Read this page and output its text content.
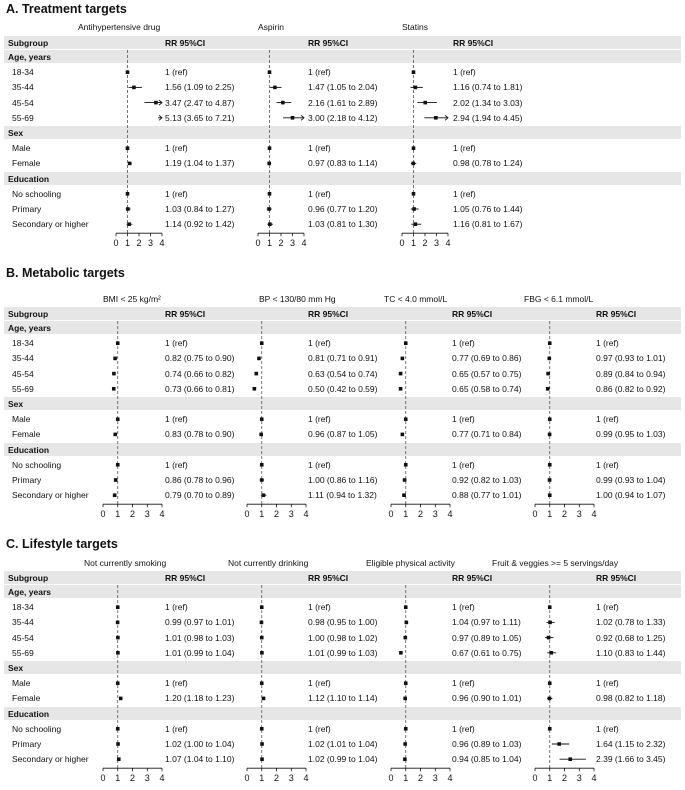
A. Treatment targets
Antihypertensive drug	Aspirin	Statins
Subgroup	RR 95%CI	RR 95%CI	RR 95%CI
Age, years
18-34	1 (ref)	1 (ref)	1 (ref)
35-44	1.56 (1.09 to 2.25)	1.47 (1.05 to 2.04)	1.16 (0.74 to 1.81)
45-54	3.47 (2.47 to 4.87)	2.16 (1.61 to 2.89)	2.02 (1.34 to 3.03)
55-69	5.13 (3.65 to 7.21)	3.00 (2.18 to 4.12)	2.94 (1.94 to 4.45)
Sex
Male	1 (ref)	1 (ref)	1 (ref)
Female	1.19 (1.04 to 1.37)	0.97 (0.83 to 1.14)	0.98 (0.78 to 1.24)
Education
No schooling	1 (ref)	1 (ref)	1 (ref)
Primary	1.03 (0.84 to 1.27)	0.96 (0.77 to 1.20)	1.05 (0.76 to 1.44)
Secondary or higher	1.14 (0.92 to 1.42)	1.03 (0.81 to 1.30)	1.16 (0.81 to 1.67)
0 1 2 3 4	0 1 2 3 4	0 1 2 3 4
B. Metabolic targets
BMI < 25 kg/m²	BP < 130/80 mm Hg	TC < 4.0 mmol/L	FBG < 6.1 mmol/L
Subgroup	RR 95%CI	RR 95%CI	RR 95%CI	RR 95%CI
Age, years
18-34	1 (ref)	1 (ref)	1 (ref)	1 (ref)
35-44	0.82 (0.75 to 0.90)	0.81 (0.71 to 0.91)	0.77 (0.69 to 0.86)	0.97 (0.93 to 1.01)
45-54	0.74 (0.66 to 0.82)	0.63 (0.54 to 0.74)	0.65 (0.57 to 0.75)	0.89 (0.84 to 0.94)
55-69	0.73 (0.66 to 0.81)	0.50 (0.42 to 0.59)	0.65 (0.58 to 0.74)	0.86 (0.82 to 0.92)
Sex
Male	1 (ref)	1 (ref)	1 (ref)	1 (ref)
Female	0.83 (0.78 to 0.90)	0.96 (0.87 to 1.05)	0.77 (0.71 to 0.84)	0.99 (0.95 to 1.03)
Education
No schooling	1 (ref)	1 (ref)	1 (ref)	1 (ref)
Primary	0.86 (0.78 to 0.96)	1.00 (0.86 to 1.16)	0.92 (0.82 to 1.03)	0.99 (0.93 to 1.04)
Secondary or higher	0.79 (0.70 to 0.89)	1.11 (0.94 to 1.32)	0.88 (0.77 to 1.01)	1.00 (0.94 to 1.07)
0 1 2 3 4	0 1 2 3 4	0 1 2 3 4	0 1 2 3 4
C. Lifestyle targets
Not currently smoking	Not currently drinking	Eligible physical activity	Fruit & veggies >= 5 servings/day
Subgroup	RR 95%CI	RR 95%CI	RR 95%CI	RR 95%CI
Age, years
18-34	1 (ref)	1 (ref)	1 (ref)	1 (ref)
35-44	0.99 (0.97 to 1.01)	0.98 (0.95 to 1.00)	1.04 (0.97 to 1.11)	1.02 (0.78 to 1.33)
45-54	1.01 (0.98 to 1.03)	1.00 (0.98 to 1.02)	0.97 (0.89 to 1.05)	0.92 (0.68 to 1.25)
55-69	1.01 (0.99 to 1.04)	1.01 (0.99 to 1.03)	0.67 (0.61 to 0.75)	1.10 (0.83 to 1.44)
Sex
Male	1 (ref)	1 (ref)	1 (ref)	1 (ref)
Female	1.20 (1.18 to 1.23)	1.12 (1.10 to 1.14)	0.96 (0.90 to 1.01)	0.98 (0.82 to 1.18)
Education
No schooling	1 (ref)	1 (ref)	1 (ref)	1 (ref)
Primary	1.02 (1.00 to 1.04)	1.02 (1.01 to 1.04)	0.96 (0.89 to 1.03)	1.64 (1.15 to 2.32)
Secondary or higher	1.07 (1.04 to 1.10)	1.02 (0.99 to 1.04)	0.94 (0.85 to 1.04)	2.39 (1.66 to 3.45)
0 1 2 3 4	0 1 2 3 4	0 1 2 3 4	0 1 2 3 4
